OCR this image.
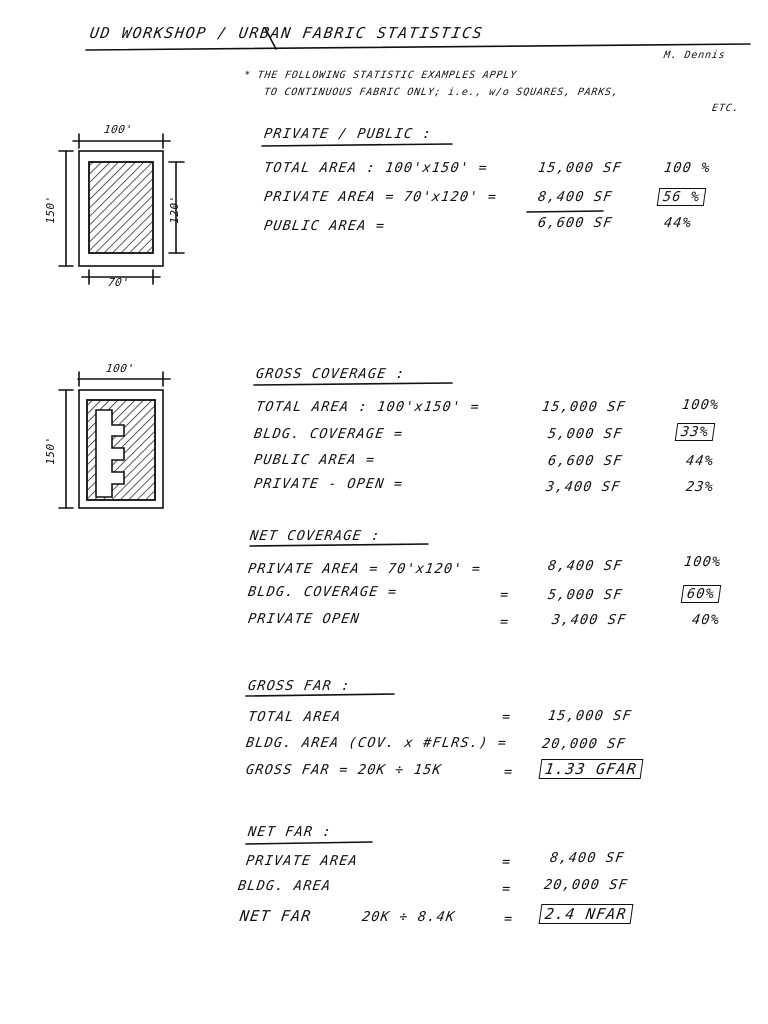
UD WORKSHOP / URBAN FABRIC STATISTICS
M. Dennis
* THE FOLLOWING STATISTIC EXAMPLES APPLY
TO CONTINUOUS FABRIC ONLY; i.e., w/o SQUARES, PARKS,
ETC.
100'
150'	120'
70'
100'
150'
PRIVATE / PUBLIC :
TOTAL AREA : 100'x150' =	15,000 SF	100 %
PRIVATE AREA = 70'x120' =	8,400 SF	56 %
PUBLIC AREA =	6,600 SF	44%
GROSS COVERAGE :
TOTAL AREA : 100'x150' =	15,000 SF	100%
BLDG. COVERAGE =	5,000 SF	33%
PUBLIC AREA =	6,600 SF	44%
PRIVATE - OPEN =	3,400 SF	23%
NET COVERAGE :
PRIVATE AREA = 70'x120' =	8,400 SF	100%
BLDG. COVERAGE =	=	5,000 SF	60%
PRIVATE OPEN	=	3,400 SF	40%
GROSS FAR :
TOTAL AREA	=	15,000 SF
BLDG. AREA (COV. x #FLRS.) = 20,000 SF
GROSS FAR = 20K ÷ 15K	=	1.33 GFAR
NET FAR :
PRIVATE AREA	=	8,400 SF
BLDG. AREA	= 20,000 SF
NET FAR	20K ÷ 8.4K	=	2.4 NFAR
